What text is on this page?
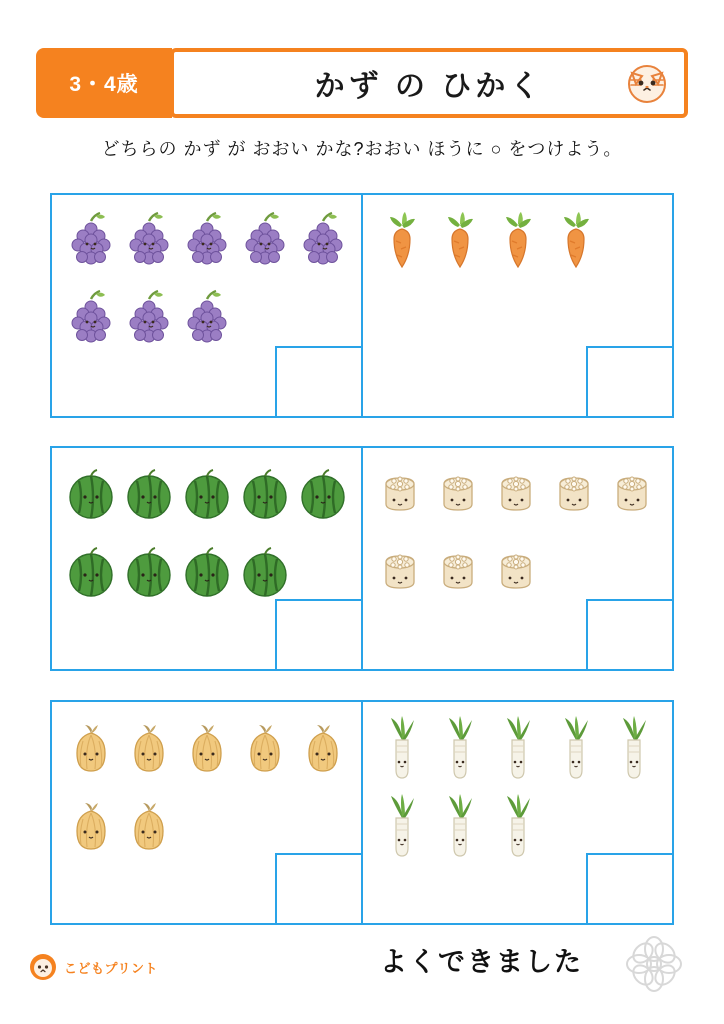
3・4歳	かず の ひかく
どちらの かず が おおい かな?おおい ほうに ○ をつけよう。
よくできました
こどもプリント
